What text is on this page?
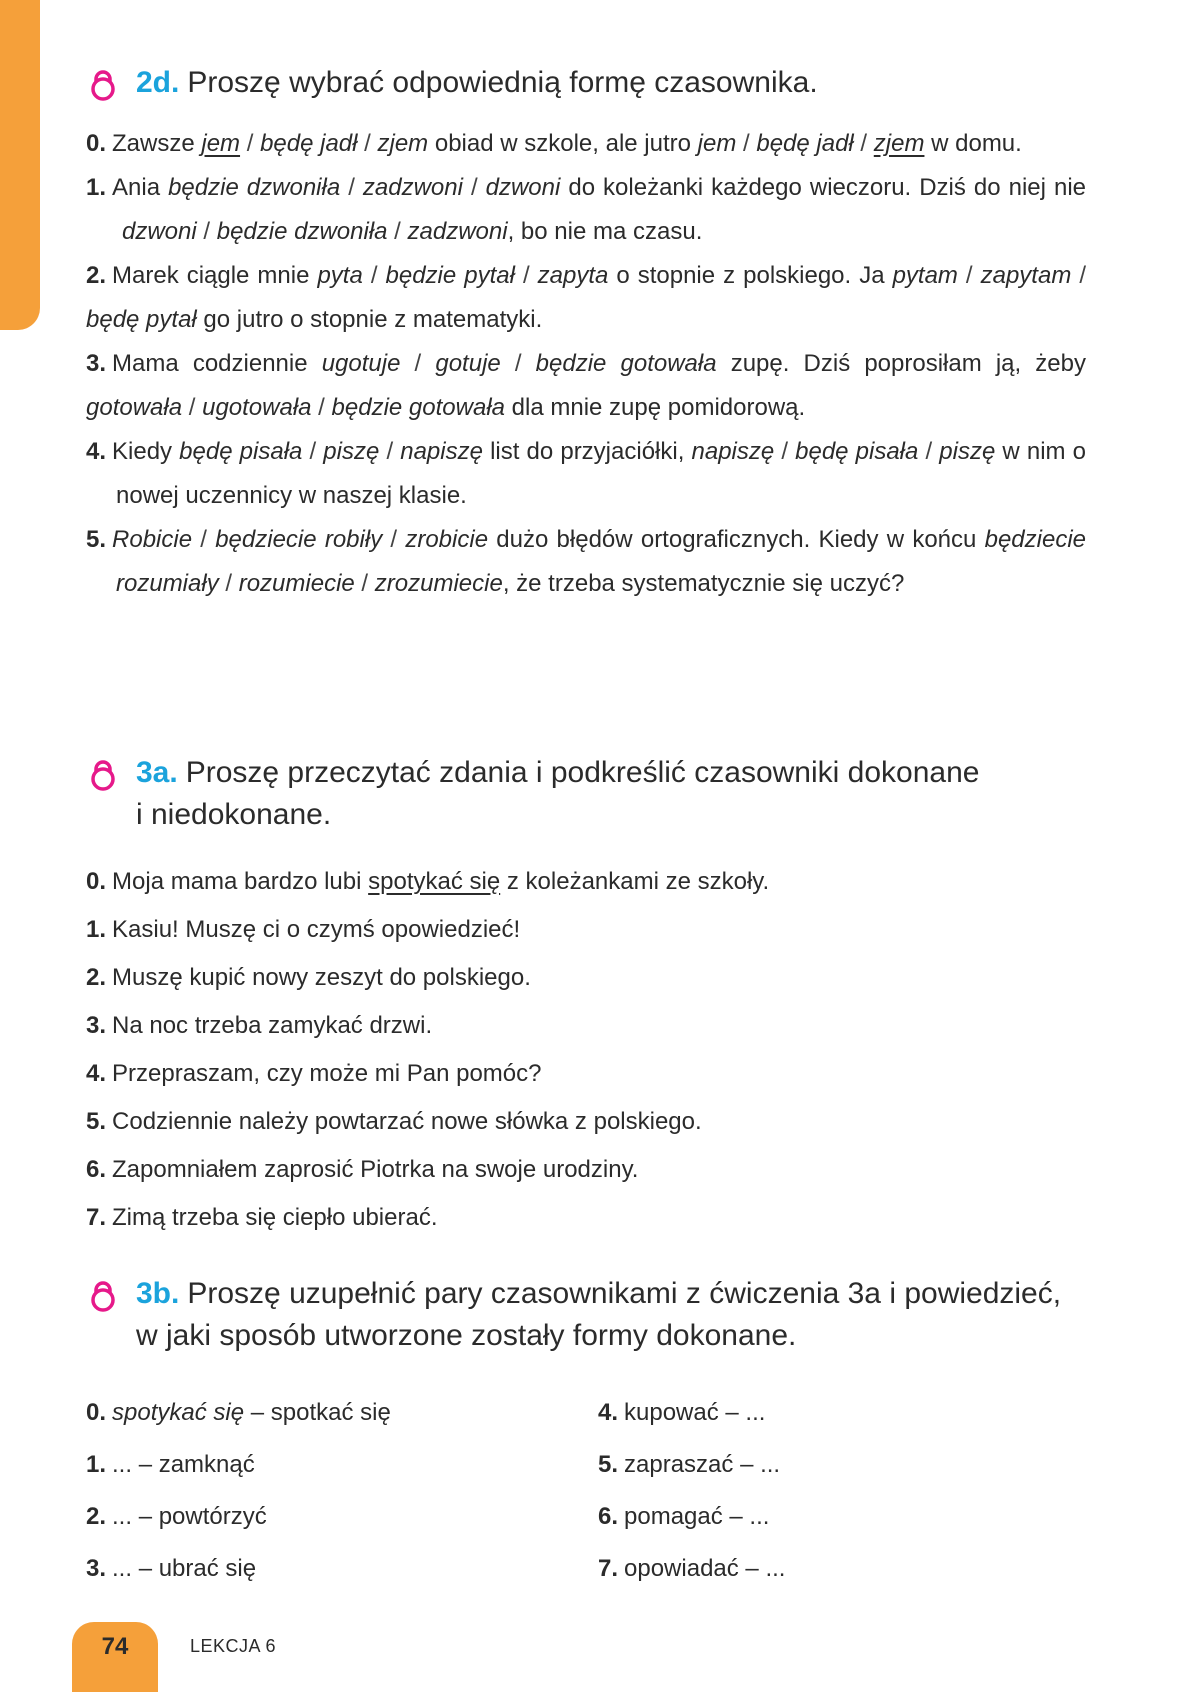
2d. Proszę wybrać odpowiednią formę czasownika.
0. Zawsze jem / będę jadł / zjem obiad w szkole, ale jutro jem / będę jadł / zjem w domu.
1. Ania będzie dzwoniła / zadzwoni / dzwoni do koleżanki każdego wieczoru. Dziś do niej nie dzwoni / będzie dzwoniła / zadzwoni, bo nie ma czasu.
2. Marek ciągle mnie pyta / będzie pytał / zapyta o stopnie z polskiego. Ja pytam / zapytam / będę pytał go jutro o stopnie z matematyki.
3. Mama codziennie ugotuje / gotuje / będzie gotowała zupę. Dziś poprosiłam ją, żeby gotowała / ugotowała / będzie gotowała dla mnie zupę pomidorową.
4. Kiedy będę pisała / piszę / napiszę list do przyjaciółki, napiszę / będę pisała / piszę w nim o nowej uczennicy w naszej klasie.
5. Robicie / będziecie robiły / zrobicie dużo błędów ortograficznych. Kiedy w końcu będziecie rozumiały / rozumiecie / zrozumiecie, że trzeba systematycznie się uczyć?
3a. Proszę przeczytać zdania i podkreślić czasowniki dokonane
i niedokonane.
0. Moja mama bardzo lubi spotykać się z koleżankami ze szkoły.
1. Kasiu! Muszę ci o czymś opowiedzieć!
2. Muszę kupić nowy zeszyt do polskiego.
3. Na noc trzeba zamykać drzwi.
4. Przepraszam, czy może mi Pan pomóc?
5. Codziennie należy powtarzać nowe słówka z polskiego.
6. Zapomniałem zaprosić Piotrka na swoje urodziny.
7. Zimą trzeba się ciepło ubierać.
3b. Proszę uzupełnić pary czasownikami z ćwiczenia 3a i powiedzieć,
w jaki sposób utworzone zostały formy dokonane.
0. spotykać się – spotkać się	4. kupować – ...
1. ... – zamknąć	5. zapraszać – ...
2. ... – powtórzyć	6. pomagać – ...
3. ... – ubrać się	7. opowiadać – ...
74	LEKCJA 6
